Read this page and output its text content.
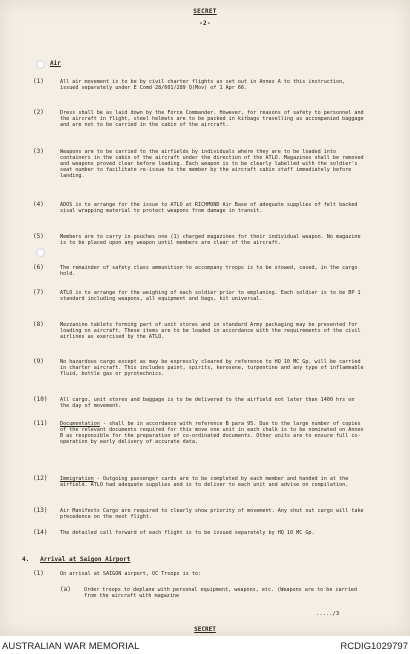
SECRET
-2-
Air
(1)	All air movement is to be by civil charter flights as set out in Annex A to this instruction, issued separately under E Comd 28/601/289 Q(Mov) of 1 Apr 66.
(2)	Dress shall be as laid down by the Force Commander. However, for reasons of safety to personnel and the aircraft in flight, steel helmets are to be packed in kitbags travelling as accompanied baggage and are not to be carried in the cabin of the aircraft.
(3)	Weapons are to be carried to the airfields by individuals where they are to be loaded into containers in the cabin of the aircraft under the direction of the ATLO. Magazines shall be removed and weapons proved clear before loading. Each weapon is to be clearly labelled with the soldier's seat number to facilitate re-issue to the member by the aircraft cabin staff immediately before landing.
(4)	ADOS is to arrange for the issue to ATLO at RICHMOND Air Base of adequate supplies of felt backed sisal wrapping material to protect weapons from damage in transit.
(5)	Members are to carry in pouches one (1) charged magazines for their individual weapon. No magazine is to be placed upon any weapon until members are clear of the aircraft.
(6)	The remainder of safety class ammunition to accompany troops is to be stowed, cased, in the cargo hold.
(7)	ATLO is to arrange for the weighing of each soldier prior to emplaning. Each soldier is to be BP 1 standard including weapons, all equipment and bags, kit universal.
(8)	Mezzanine tablets forming part of unit stores and in standard Army packaging may be presented for loading on aircraft. These items are to be loaded in accordance with the requirements of the civil airlines as exercised by the ATLO.
(9)	No hazardous cargo except as may be expressly cleared by reference to HQ 10 MC Gp. will be carried in charter aircraft. This includes paint, spirits, kerosene, turpentine and any type of inflammable fluid, bottle gas or pyrotechnics.
(10) All cargo, unit stores and baggage is to be delivered to the airfield not later than 1400 hrs on the day of movement.
(11) Documentation - shall be in accordance with reference B para 95. Due to the large number of copies of the relevant documents required for this move one unit in each chalk is to be nominated on Annex B as responsible for the preparation of co-ordinated documents. Other units are to ensure full co-operation by early delivery of accurate data.
(12) Immigration - Outgoing passenger cards are to be completed by each member and handed in at the airfield. ATLO had adequate supplies and is to deliver to each unit and advise on compilation.
(13) Air Manifests Cargo are required to clearly show priority of movement. Any shut out cargo will take precedence on the next flight.
(14) The detailed call forward of each flight is to be issued separately by HQ 10 MC Gp.
4. Arrival at Saigon Airport
(1)	On arrival at SAIGON airport, OC Troops is to:
(a)	Order troops to deplane with personal equipment, weapons, etc. (Weapons are to be carried from the aircraft with magazine
...../3
SECRET
AUSTRALIAN WAR MEMORIAL	RCDIG1029797
